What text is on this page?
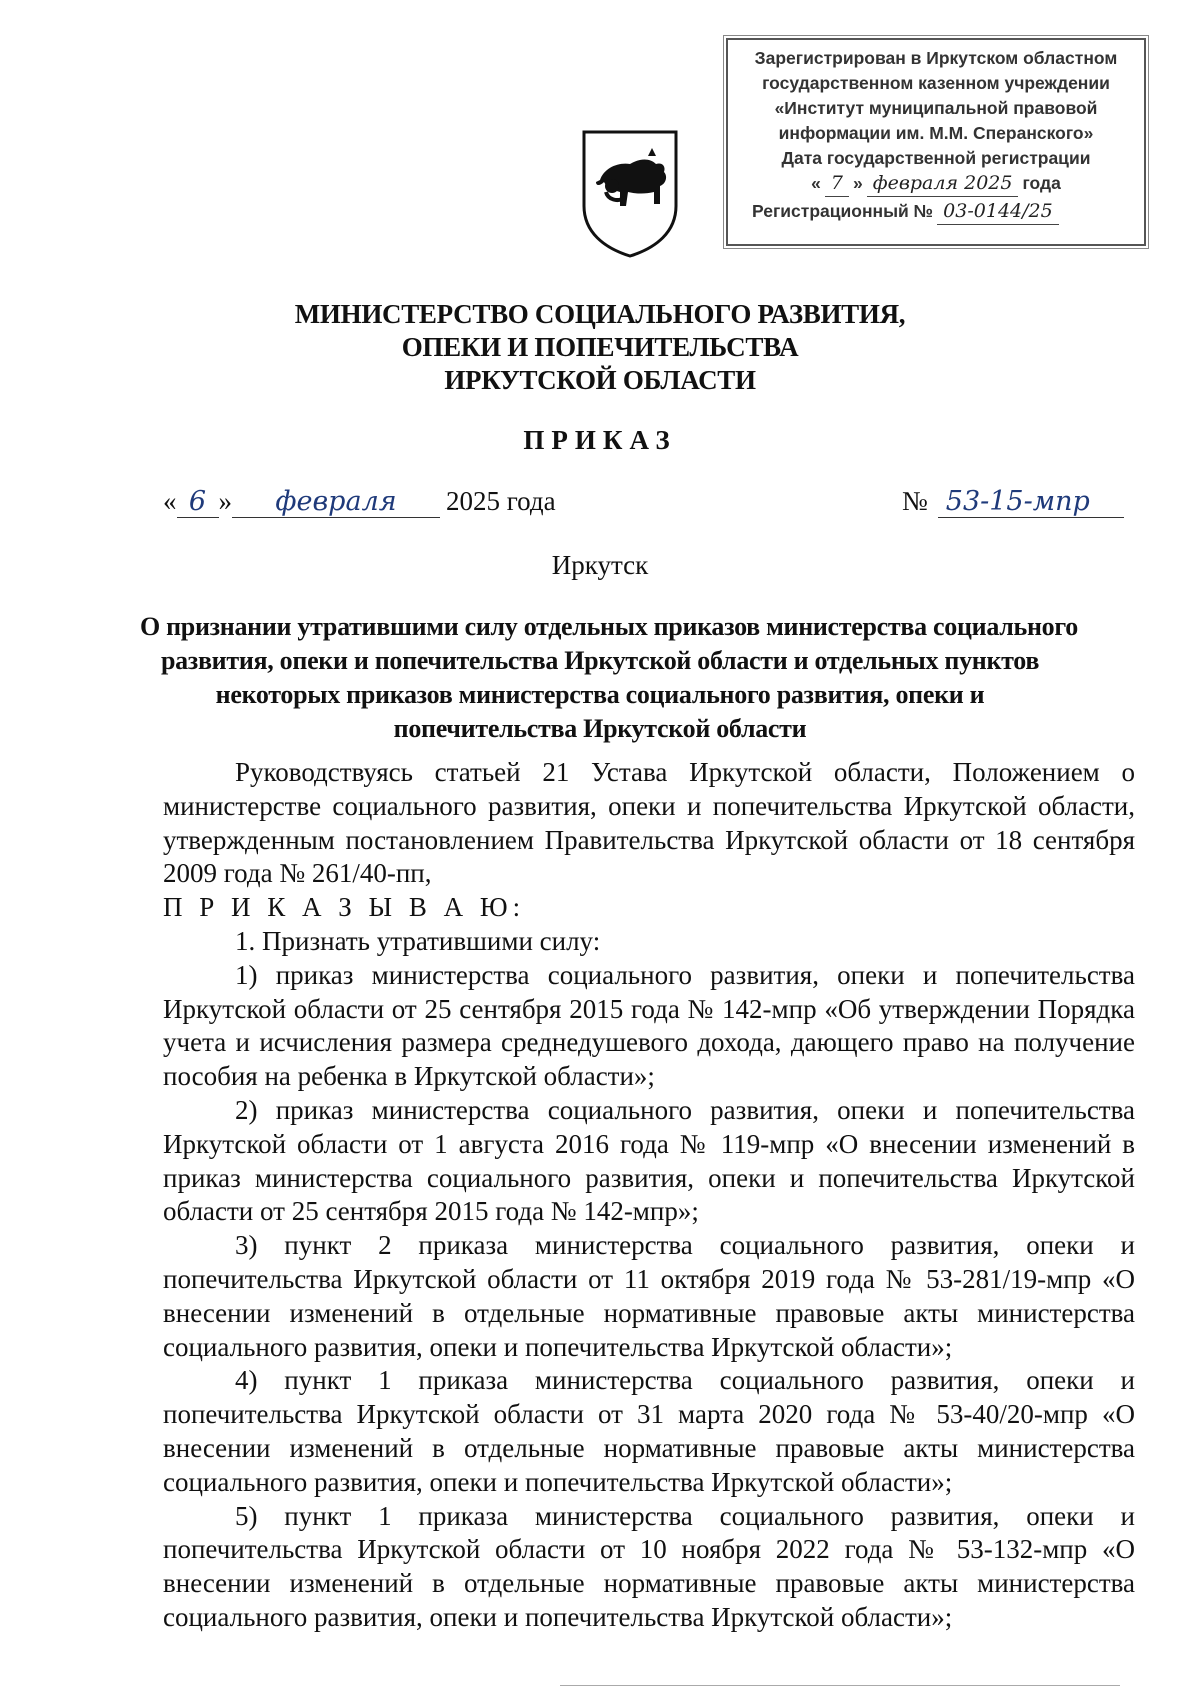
Зарегистрирован в Иркутском областном
государственном казенном учреждении
«Институт муниципальной правовой
информации им. М.М. Сперанского»
Дата государственной регистрации
« 7 » февраля 2025 года
Регистрационный № 03-0144/25
МИНИСТЕРСТВО СОЦИАЛЬНОГО РАЗВИТИЯ,
ОПЕКИ И ПОПЕЧИТЕЛЬСТВА
ИРКУТСКОЙ ОБЛАСТИ
ПРИКАЗ
« 6 »	февраля	2025 года	№ 53-15-мпр
Иркутск
О признании утратившими силу отдельных приказов министерства социального
развития, опеки и попечительства Иркутской области и отдельных пунктов
некоторых приказов министерства социального развития, опеки и
попечительства Иркутской области

Руководствуясь статьей 21 Устава Иркутской области, Положением о министерстве социального развития, опеки и попечительства Иркутской области, утвержденным постановлением Правительства Иркутской области от 18 сентября 2009 года № 261/40-пп,

П Р И К А З Ы В А Ю:

1. Признать утратившими силу:

1) приказ министерства социального развития, опеки и попечительства Иркутской области от 25 сентября 2015 года № 142-мпр «Об утверждении Порядка учета и исчисления размера среднедушевого дохода, дающего право на получение пособия на ребенка в Иркутской области»;

2) приказ министерства социального развития, опеки и попечительства Иркутской области от 1 августа 2016 года № 119-мпр «О внесении изменений в приказ министерства социального развития, опеки и попечительства Иркутской области от 25 сентября 2015 года № 142-мпр»;

3) пункт 2 приказа министерства социального развития, опеки и попечительства Иркутской области от 11 октября 2019 года № 53-281/19-мпр «О внесении изменений в отдельные нормативные правовые акты министерства социального развития, опеки и попечительства Иркутской области»;

4) пункт 1 приказа министерства социального развития, опеки и попечительства Иркутской области от 31 марта 2020 года № 53-40/20-мпр «О внесении изменений в отдельные нормативные правовые акты министерства социального развития, опеки и попечительства Иркутской области»;

5) пункт 1 приказа министерства социального развития, опеки и попечительства Иркутской области от 10 ноября 2022 года № 53-132-мпр «О внесении изменений в отдельные нормативные правовые акты министерства социального развития, опеки и попечительства Иркутской области»;
